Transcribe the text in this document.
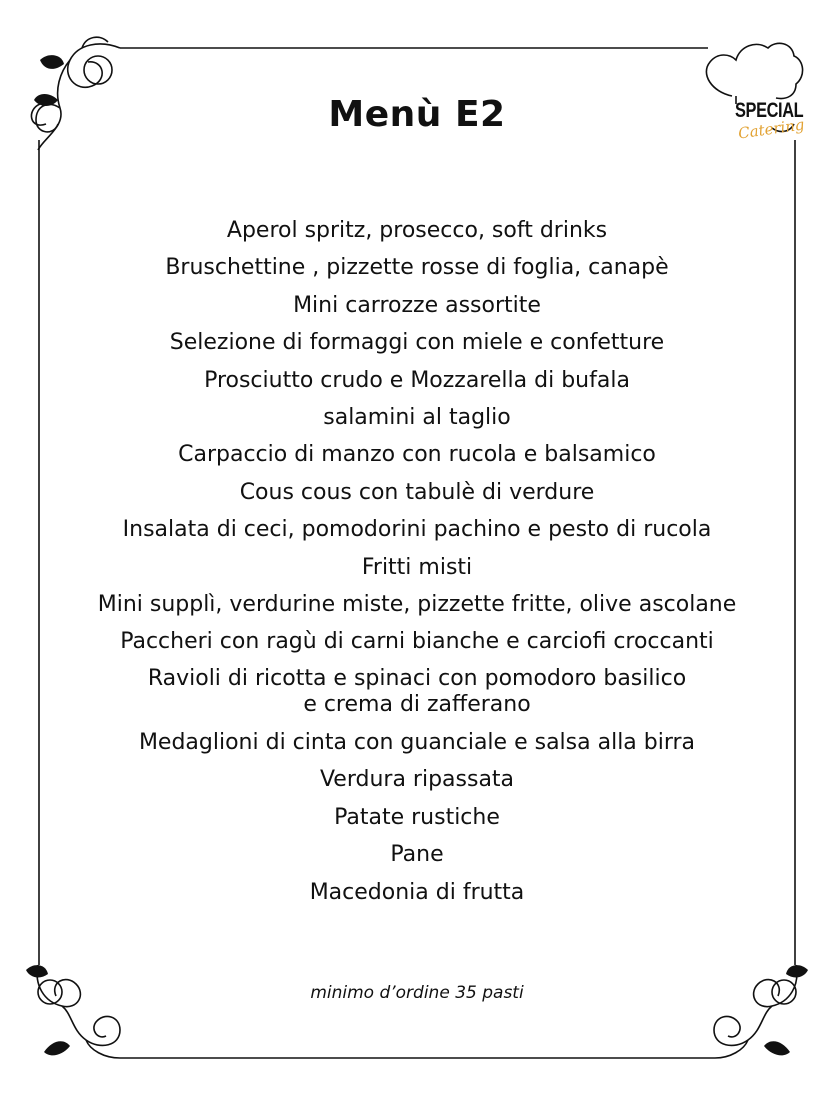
SPECIAL
Catering
Menù E2
Aperol spritz, prosecco, soft drinks
Bruschettine , pizzette rosse di foglia, canapè
Mini carrozze assortite
Selezione di formaggi con miele e confetture
Prosciutto crudo e Mozzarella di bufala
salamini al taglio
Carpaccio di manzo con rucola e balsamico
Cous cous con tabulè di verdure
Insalata di ceci, pomodorini pachino e pesto di rucola
Fritti misti
Mini supplì, verdurine miste, pizzette fritte, olive ascolane
Paccheri con ragù di carni bianche e carciofi croccanti
Ravioli di ricotta e spinaci con pomodoro basilico
e crema di zafferano
Medaglioni di cinta con guanciale e salsa alla birra
Verdura ripassata
Patate rustiche
Pane
Macedonia di frutta
minimo d’ordine 35 pasti
